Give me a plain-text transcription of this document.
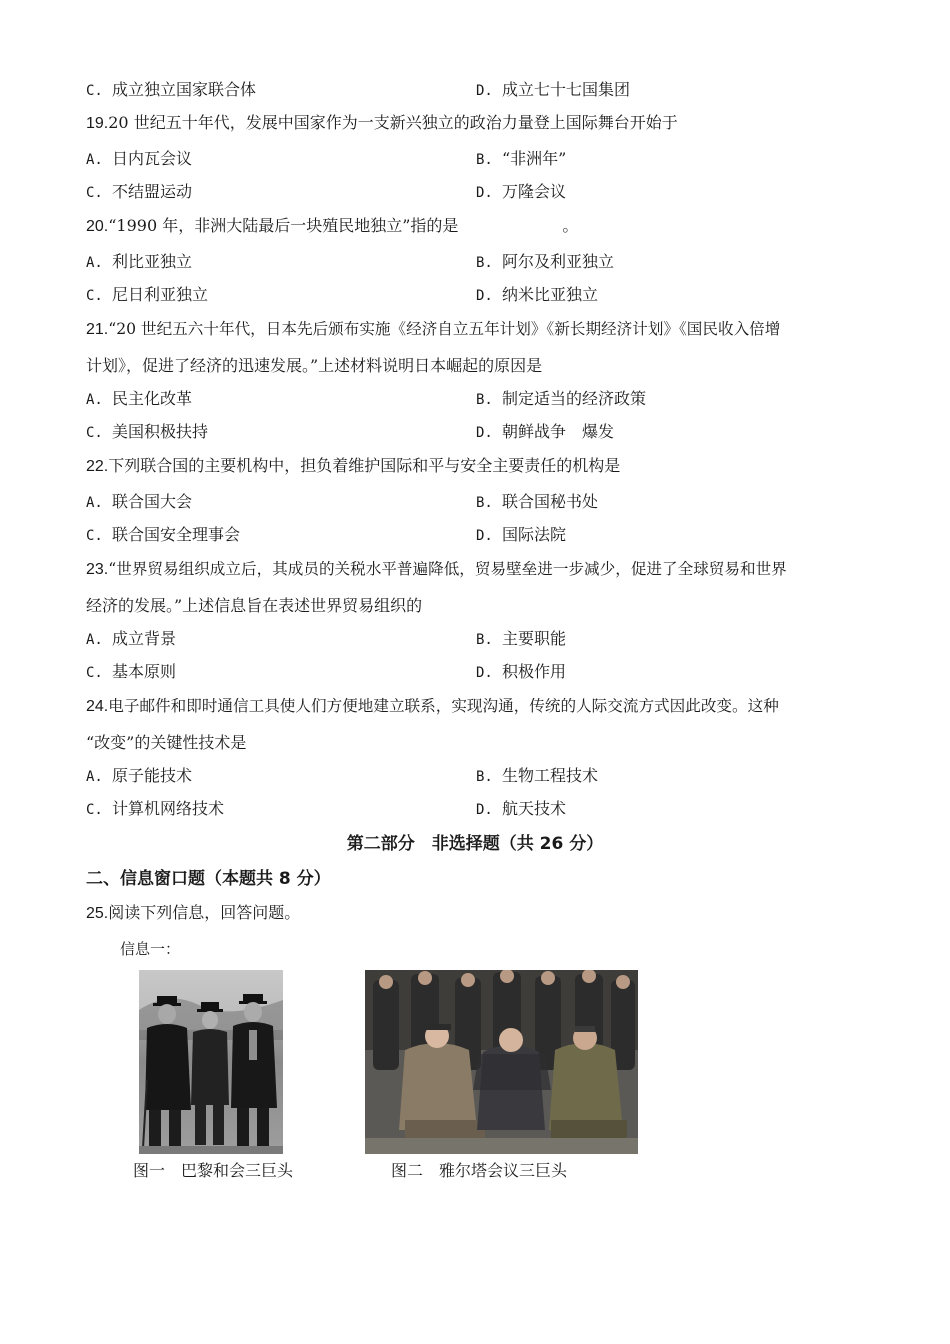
C. 成立独立国家联合体	D. 成立七十七国集团
19.20 世纪五十年代，发展中国家作为一支新兴独立的政治力量登上国际舞台开始于
A. 日内瓦会议	B. “非洲年”
C. 不结盟运动	D. 万隆会议
20.“1990 年，非洲大陆最后一块殖民地独立”指的是	。
A. 利比亚独立	B. 阿尔及利亚独立
C. 尼日利亚独立	D. 纳米比亚独立
21.“20 世纪五六十年代，日本先后颁布实施《经济自立五年计划》《新长期经济计划》《国民收入倍增
计划》，促进了经济的迅速发展。”上述材料说明日本崛起的原因是
A. 民主化改革	B. 制定适当的经济政策
C. 美国积极扶持	D. 朝鲜战争　爆发
22.下列联合国的主要机构中，担负着维护国际和平与安全主要责任的机构是
A. 联合国大会	B. 联合国秘书处
C. 联合国安全理事会	D. 国际法院
23.“世界贸易组织成立后，其成员的关税水平普遍降低，贸易壁垒进一步减少，促进了全球贸易和世界
经济的发展。”上述信息旨在表述世界贸易组织的
A. 成立背景	B. 主要职能
C. 基本原则	D. 积极作用
24.电子邮件和即时通信工具使人们方便地建立联系，实现沟通，传统的人际交流方式因此改变。这种
“改变”的关键性技术是
A. 原子能技术	B. 生物工程技术
C. 计算机网络技术	D. 航天技术
第二部分　非选择题（共 26 分）
二、信息窗口题（本题共 8 分）
25.阅读下列信息，回答问题。
信息一：
图一　巴黎和会三巨头	图二　雅尔塔会议三巨头
